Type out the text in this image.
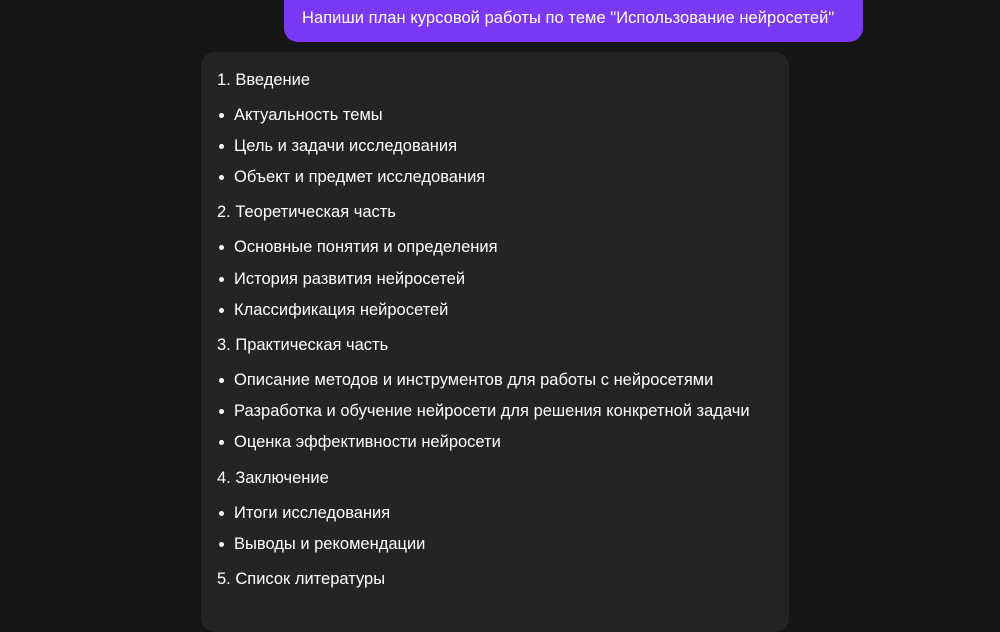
Напиши план курсовой работы по теме "Использование нейросетей"
1. Введение
Актуальность темы
Цель и задачи исследования
Объект и предмет исследования
2. Теоретическая часть
Основные понятия и определения
История развития нейросетей
Классификация нейросетей
3. Практическая часть
Описание методов и инструментов для работы с нейросетями
Разработка и обучение нейросети для решения конкретной задачи
Оценка эффективности нейросети
4. Заключение
Итоги исследования
Выводы и рекомендации
5. Список литературы
